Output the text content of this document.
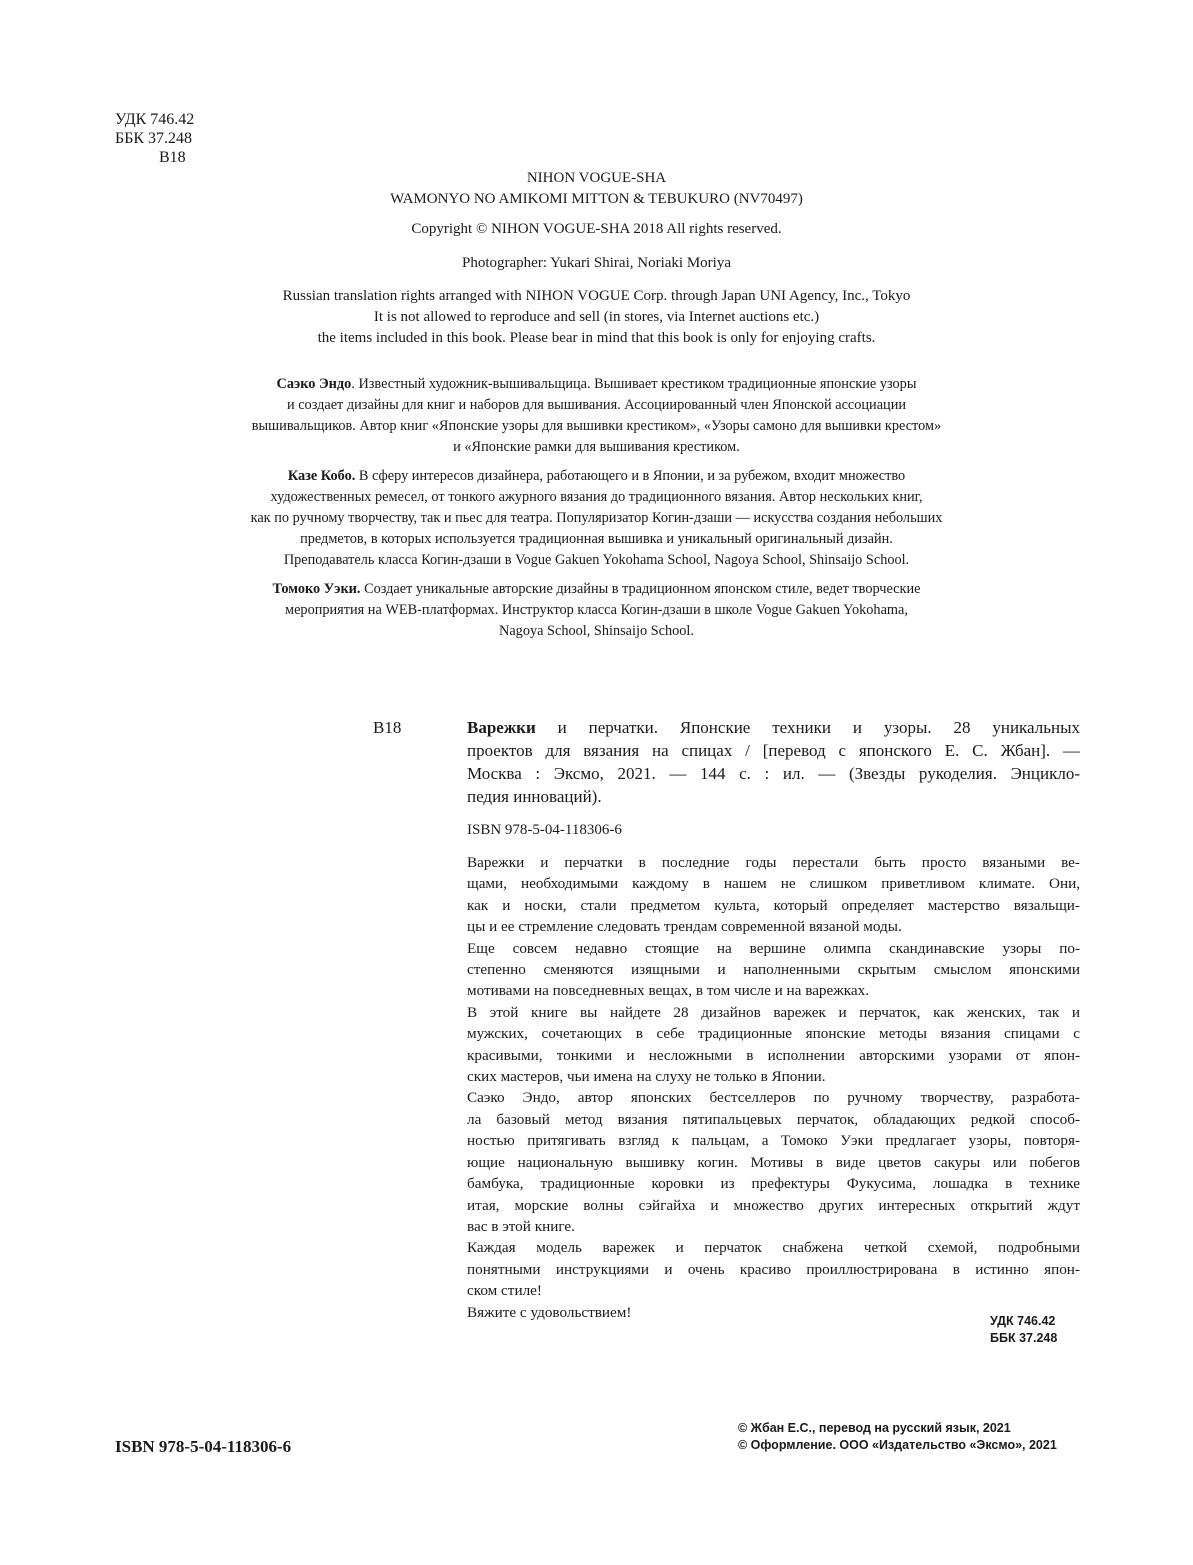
УДК 746.42
ББК 37.248
В18

NIHON VOGUE-SHA

WAMONYO NO AMIKOMI MITTON & TEBUKURO (NV70497)

Copyright © NIHON VOGUE-SHA 2018 All rights reserved.

Photographer: Yukari Shirai, Noriaki Moriya

Russian translation rights arranged with NIHON VOGUE Corp. through Japan UNI Agency, Inc., Tokyo

It is not allowed to reproduce and sell (in stores, via Internet auctions etc.)

the items included in this book. Please bear in mind that this book is only for enjoying crafts.

Саэко Эндо. Известный художник-вышивальщица. Вышивает крестиком традиционные японские узоры
и создает дизайны для книг и наборов для вышивания. Ассоциированный член Японской ассоциации
вышивальщиков. Автор книг «Японские узоры для вышивки крестиком», «Узоры самоно для вышивки крестом»
и «Японские рамки для вышивания крестиком.
Казе Кобо. В сферу интересов дизайнера, работающего и в Японии, и за рубежом, входит множество
художественных ремесел, от тонкого ажурного вязания до традиционного вязания. Автор нескольких книг,
как по ручному творчеству, так и пьес для театра. Популяризатор Когин-дзаши — искусства создания небольших
предметов, в которых используется традиционная вышивка и уникальный оригинальный дизайн.
Преподаватель класса Когин-дзаши в Vogue Gakuen Yokohama School, Nagoya School, Shinsaijo School.
Томоко Уэки. Создает уникальные авторские дизайны в традиционном японском стиле, ведет творческие
мероприятия на WEB-платформах. Инструктор класса Когин-дзаши в школе Vogue Gakuen Yokohama,
Nagoya School, Shinsaijo School.
В18	Варежки и перчатки. Японские техники и узоры. 28 уникальных
проектов для вязания на спицах / [перевод с японского Е. С. Жбан]. —
Москва : Эксмо, 2021. — 144 с. : ил. — (Звезды рукоделия. Энцикло-
педия инноваций).
ISBN 978-5-04-118306-6

Варежки и перчатки в последние годы перестали быть просто вязаными ве-
щами, необходимыми каждому в нашем не слишком приветливом климате. Они,
как и носки, стали предметом культа, который определяет мастерство вязальщи-
цы и ее стремление следовать трендам современной вязаной моды.

Еще совсем недавно стоящие на вершине олимпа скандинавские узоры по-
степенно сменяются изящными и наполненными скрытым смыслом японскими
мотивами на повседневных вещах, в том числе и на варежках.

В этой книге вы найдете 28 дизайнов варежек и перчаток, как женских, так и
мужских, сочетающих в себе традиционные японские методы вязания спицами с
красивыми, тонкими и несложными в исполнении авторскими узорами от япон-
ских мастеров, чьи имена на слуху не только в Японии.

Саэко Эндо, автор японских бестселлеров по ручному творчеству, разработа-
ла базовый метод вязания пятипальцевых перчаток, обладающих редкой способ-
ностью притягивать взгляд к пальцам, а Томоко Уэки предлагает узоры, повторя-
ющие национальную вышивку когин. Мотивы в виде цветов сакуры или побегов
бамбука, традиционные коровки из префектуры Фукусима, лошадка в технике
итая, морские волны сэйгайха и множество других интересных открытий ждут
вас в этой книге.

Каждая модель варежек и перчаток снабжена четкой схемой, подробными
понятными инструкциями и очень красиво проиллюстрирована в истинно япон-
ском стиле!

Вяжите с удовольствием!

УДК 746.42
ББК 37.248
ISBN 978-5-04-118306-6
© Жбан Е.С., перевод на русский язык, 2021
© Оформление. ООО «Издательство «Эксмо», 2021
